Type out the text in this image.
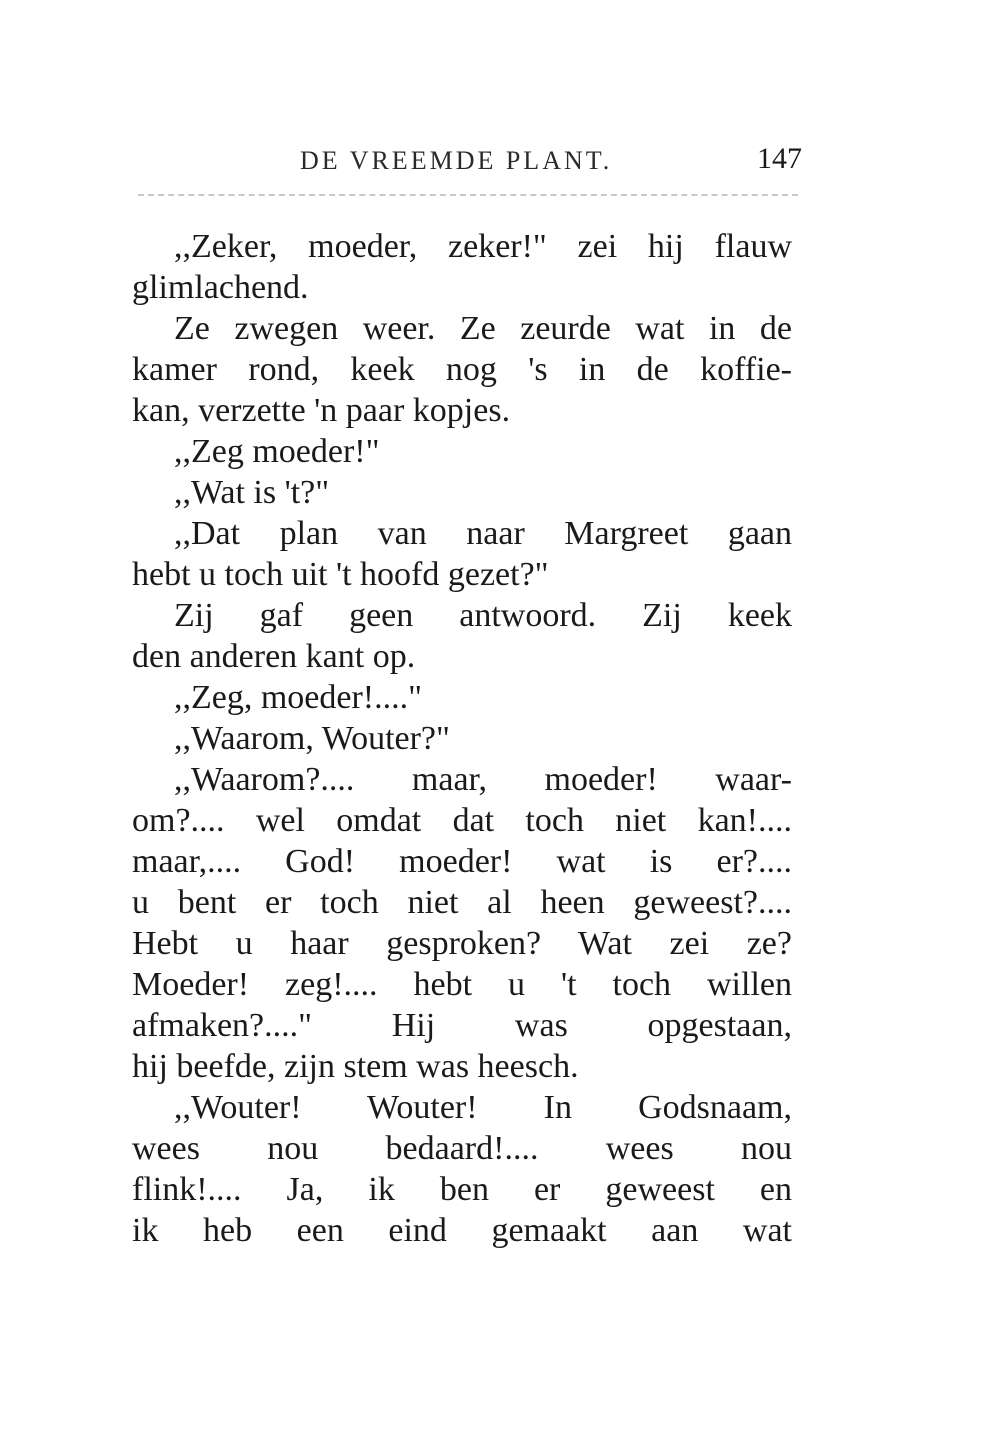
DE VREEMDE PLANT.	147
,,Zeker, moeder, zeker!" zei hij flauw
glimlachend.
Ze zwegen weer. Ze zeurde wat in de
kamer rond, keek nog 's in de koffie-
kan, verzette 'n paar kopjes.
,,Zeg moeder!"
,,Wat is 't?"
,,Dat plan van naar Margreet gaan
hebt u toch uit 't hoofd gezet?"
Zij gaf geen antwoord. Zij keek
den anderen kant op.
,,Zeg, moeder!...."
,,Waarom, Wouter?"
,,Waarom?.... maar, moeder! waar-
om?.... wel omdat dat toch niet kan!....
maar,.... God! moeder! wat is er?....
u bent er toch niet al heen geweest?....
Hebt u haar gesproken? Wat zei ze?
Moeder! zeg!.... hebt u 't toch willen
afmaken?...." Hij was opgestaan,
hij beefde, zijn stem was heesch.
,,Wouter! Wouter! In Godsnaam,
wees nou bedaard!.... wees nou
flink!.... Ja, ik ben er geweest en
ik heb een eind gemaakt aan wat
